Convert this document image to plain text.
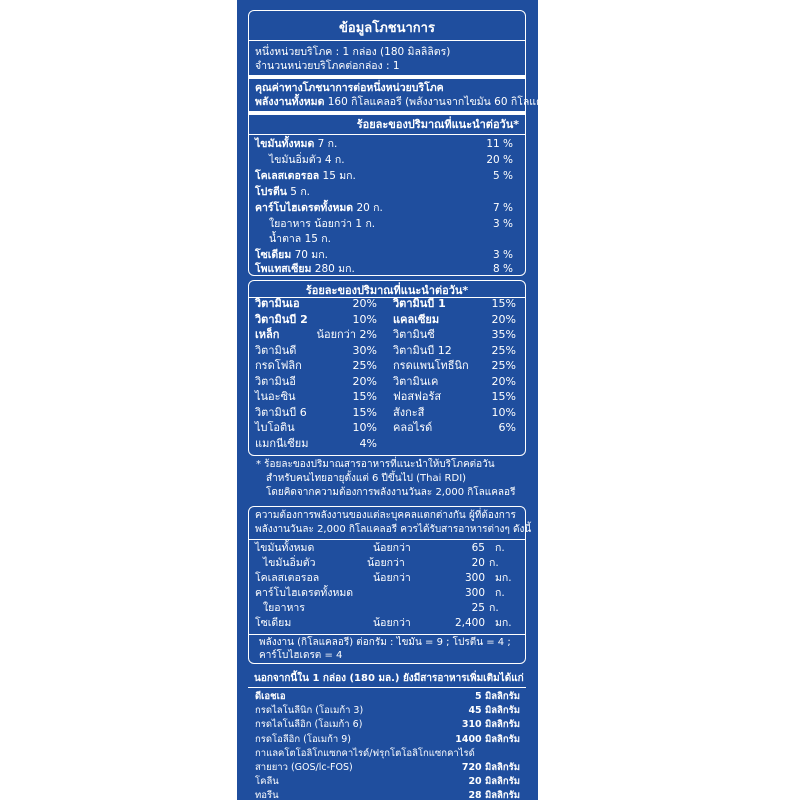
ข้อมูลโภชนาการ
หนึ่งหน่วยบริโภค : 1 กล่อง (180 มิลลิลิตร)
จำนวนหน่วยบริโภคต่อกล่อง : 1
คุณค่าทางโภชนาการต่อหนึ่งหน่วยบริโภค
พลังงานทั้งหมด 160 กิโลแคลอรี (พลังงานจากไขมัน 60 กิโลแคลอรี)
ร้อยละของปริมาณที่แนะนำต่อวัน*
ไขมันทั้งหมด 7 ก.	11 %
ไขมันอิ่มตัว 4 ก.	20 %
โคเลสเตอรอล 15 มก.	5 %
โปรตีน 5 ก.
คาร์โบไฮเดรตทั้งหมด 20 ก.	7 %
ใยอาหาร น้อยกว่า 1 ก.	3 %
น้ำตาล 15 ก.
โซเดียม 70 มก.	3 %
โพแทสเซียม 280 มก.	8 %
ร้อยละของปริมาณที่แนะนำต่อวัน*
วิตามินเอ	20% วิตามินบี 1	15%
วิตามินบี 2	10% แคลเซียม	20%
เหล็ก	น้อยกว่า 2% วิตามินซี	35%
วิตามินดี	30% วิตามินบี 12	25%
กรดโฟลิก	25% กรดแพนโทธีนิก 25%
วิตามินอี	20% วิตามินเค	20%
ไนอะซิน	15% ฟอสฟอรัส	15%
วิตามินบี 6	15% สังกะสี	10%
ไบโอติน	10% คลอไรด์	6%
แมกนีเซียม	4%
* ร้อยละของปริมาณสารอาหารที่แนะนำให้บริโภคต่อวัน
สำหรับคนไทยอายุตั้งแต่ 6 ปีขึ้นไป (Thai RDI)
โดยคิดจากความต้องการพลังงานวันละ 2,000 กิโลแคลอรี
ความต้องการพลังงานของแต่ละบุคคลแตกต่างกัน ผู้ที่ต้องการ
พลังงานวันละ 2,000 กิโลแคลอรี ควรได้รับสารอาหารต่างๆ ดังนี้
ไขมันทั้งหมด	น้อยกว่า	65 ก.
ไขมันอิ่มตัว	น้อยกว่า	20 ก.
โคเลสเตอรอล	น้อยกว่า	300 มก.
คาร์โบไฮเดรตทั้งหมด	300 ก.
ใยอาหาร	25 ก.
โซเดียม	น้อยกว่า	2,400 มก.
พลังงาน (กิโลแคลอรี) ต่อกรัม : ไขมัน = 9 ; โปรตีน = 4 ;
คาร์โบไฮเดรต = 4
นอกจากนี้ใน 1 กล่อง (180 มล.) ยังมีสารอาหารเพิ่มเติมได้แก่
ดีเอชเอ	5 มิลลิกรัม
กรดไลโนลีนิก (โอเมก้า 3)	45 มิลลิกรัม
กรดไลโนลีอิก (โอเมก้า 6)	310 มิลลิกรัม
กรดโอลีอิก (โอเมก้า 9)	1400 มิลลิกรัม
กาแลคโตโอลิโกแซกคาไรด์/ฟรุกโตโอลิโกแซกคาไรด์
สายยาว (GOS/lc-FOS)	720 มิลลิกรัม
โคลีน	20 มิลลิกรัม
ทอรีน	28 มิลลิกรัม
